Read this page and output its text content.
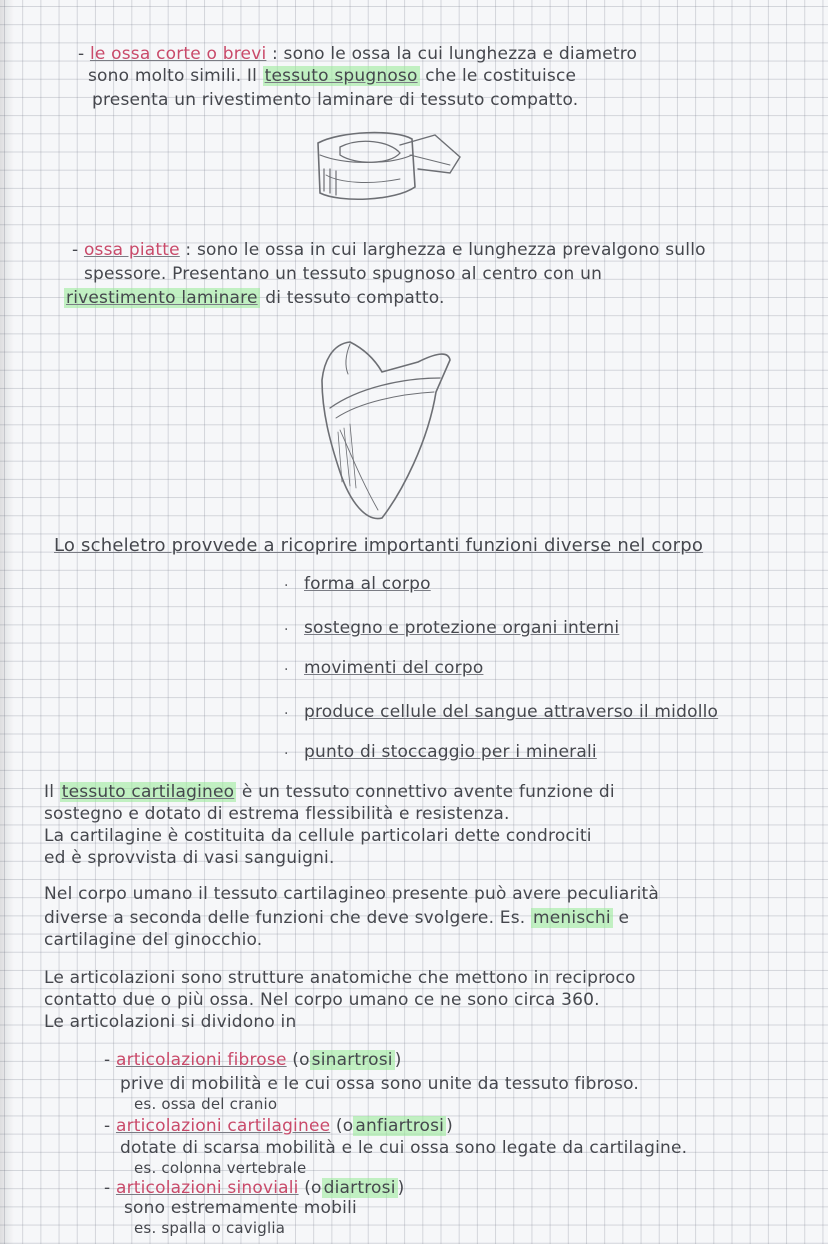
- le ossa corte o brevi : sono le ossa la cui lunghezza e diametro
sono molto simili. Il tessuto spugnoso che le costituisce
presenta un rivestimento laminare di tessuto compatto.
- ossa piatte : sono le ossa in cui larghezza e lunghezza prevalgono sullo
spessore. Presentano un tessuto spugnoso al centro con un
rivestimento laminare di tessuto compatto.
Lo scheletro provvede a ricoprire importanti funzioni diverse nel corpo
· forma al corpo
· sostegno e protezione organi interni
· movimenti del corpo
· produce cellule del sangue attraverso il midollo
· punto di stoccaggio per i minerali
Il tessuto cartilagineo è un tessuto connettivo avente funzione di
sostegno e dotato di estrema flessibilità e resistenza.
La cartilagine è costituita da cellule particolari dette condrociti
ed è sprovvista di vasi sanguigni.
Nel corpo umano il tessuto cartilagineo presente può avere peculiarità
diverse a seconda delle funzioni che deve svolgere. Es. menischi e
cartilagine del ginocchio.
Le articolazioni sono strutture anatomiche che mettono in reciproco
contatto due o più ossa. Nel corpo umano ce ne sono circa 360.
Le articolazioni si dividono in
- articolazioni fibrose (o sinartrosi )
prive di mobilità e le cui ossa sono unite da tessuto fibroso.
es. ossa del cranio
- articolazioni cartilaginee (o anfiartrosi )
dotate di scarsa mobilità e le cui ossa sono legate da cartilagine.
es. colonna vertebrale
- articolazioni sinoviali (o diartrosi )
sono estremamente mobili
es. spalla o caviglia
